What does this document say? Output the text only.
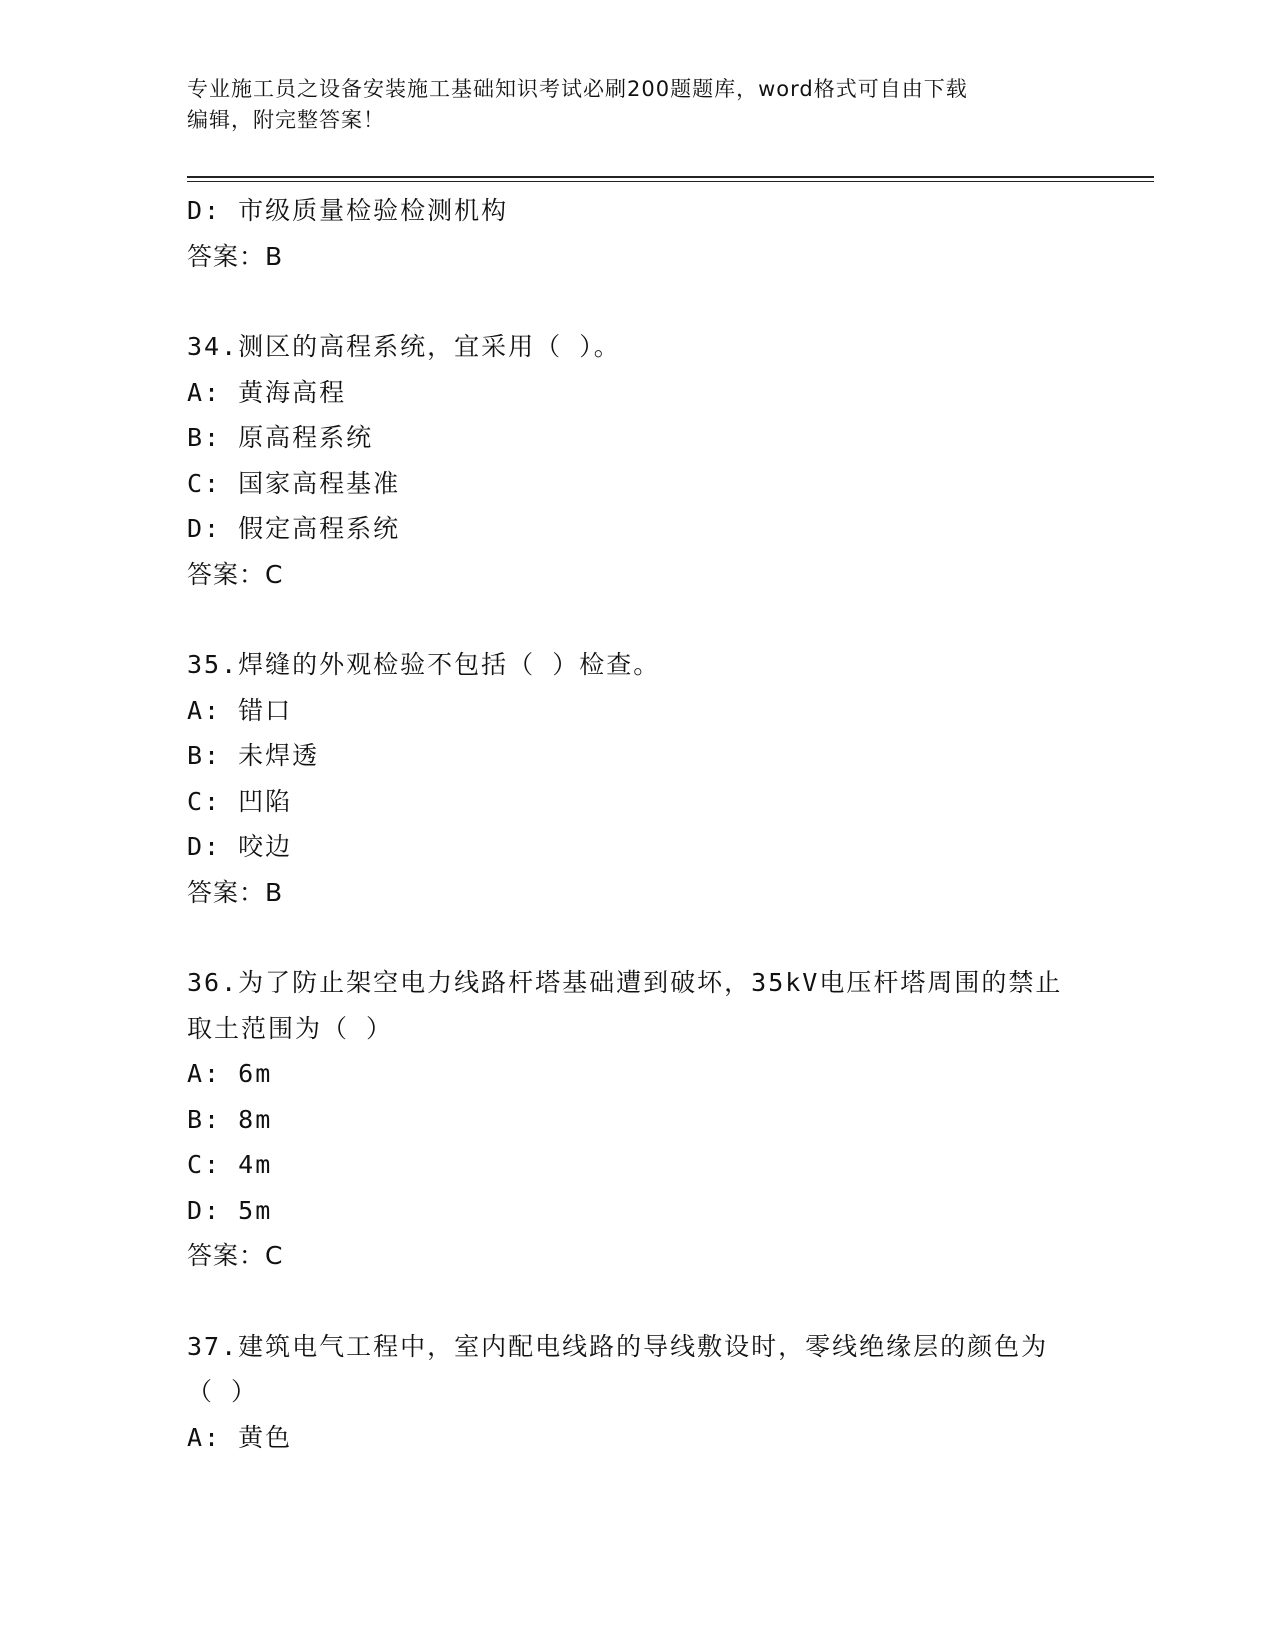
专业施工员之设备安装施工基础知识考试必刷200题题库，word格式可自由下载
编辑，附完整答案！
D: 市级质量检验检测机构
答案：B
34.测区的高程系统，宜采用（ ）。
A: 黄海高程
B: 原高程系统
C: 国家高程基准
D: 假定高程系统
答案：C
35.焊缝的外观检验不包括（ ）检查。
A: 错口
B: 未焊透
C: 凹陷
D: 咬边
答案：B
36.为了防止架空电力线路杆塔基础遭到破坏，35kV电压杆塔周围的禁止取土范围为（ ）
A: 6m
B: 8m
C: 4m
D: 5m
答案：C
37.建筑电气工程中，室内配电线路的导线敷设时，零线绝缘层的颜色为（ ）
A: 黄色
